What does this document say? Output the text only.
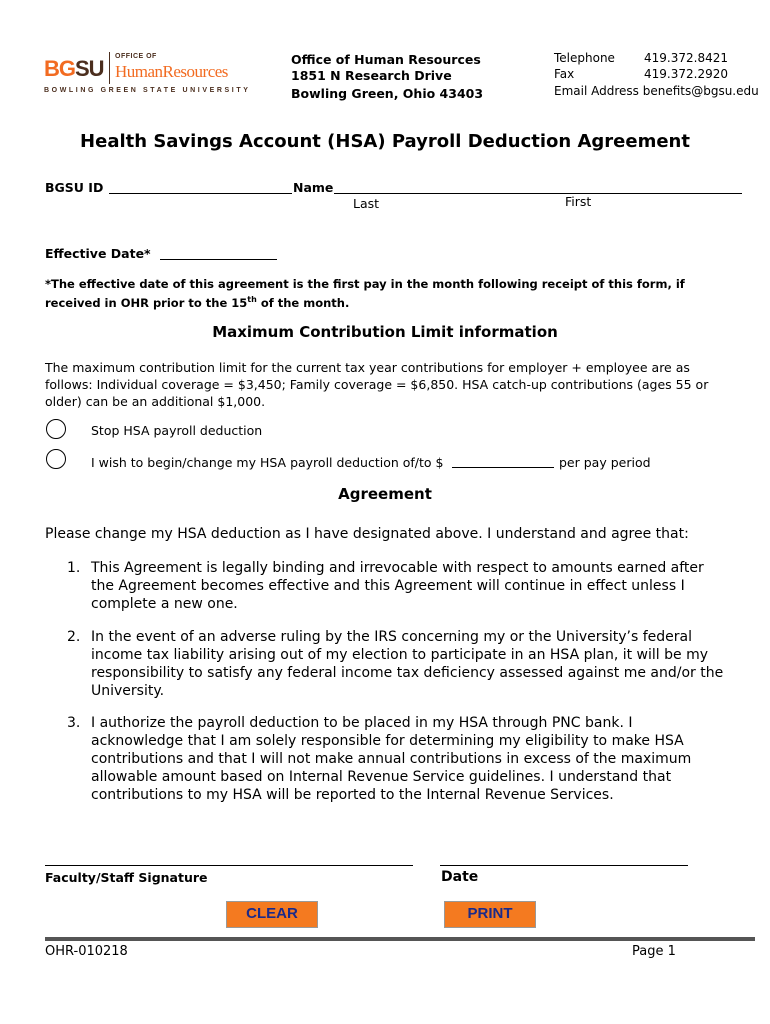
BGSU OFFICE OF
HumanResources
BOWLING GREEN STATE UNIVERSITY
Office of Human Resources
1851 N Research Drive
Bowling Green, Ohio 43403
Telephone 419.372.8421
Fax	419.372.2920
Email Address benefits@bgsu.edu
Health Savings Account (HSA) Payroll Deduction Agreement
BGSU ID	Name
Last	First
Effective Date*
*The effective date of this agreement is the first pay in the month following receipt of this form, if received in OHR prior to the 15th of the month.
Maximum Contribution Limit information
The maximum contribution limit for the current tax year contributions for employer + employee are as follows: Individual coverage = $3,450; Family coverage = $6,850. HSA catch-up contributions (ages 55 or older) can be an additional $1,000.
Stop HSA payroll deduction
I wish to begin/change my HSA payroll deduction of/to $	per pay period
Agreement
Please change my HSA deduction as I have designated above. I understand and agree that:
1. This Agreement is legally binding and irrevocable with respect to amounts earned after the Agreement becomes effective and this Agreement will continue in effect unless I complete a new one.
2. In the event of an adverse ruling by the IRS concerning my or the University’s federal income tax liability arising out of my election to participate in an HSA plan, it will be my responsibility to satisfy any federal income tax deficiency assessed against me and/or the University.
3. I authorize the payroll deduction to be placed in my HSA through PNC bank. I acknowledge that I am solely responsible for determining my eligibility to make HSA contributions and that I will not make annual contributions in excess of the maximum allowable amount based on Internal Revenue Service guidelines. I understand that contributions to my HSA will be reported to the Internal Revenue Services.
Faculty/Staff Signature	Date
CLEAR	PRINT
OHR-010218	Page 1
